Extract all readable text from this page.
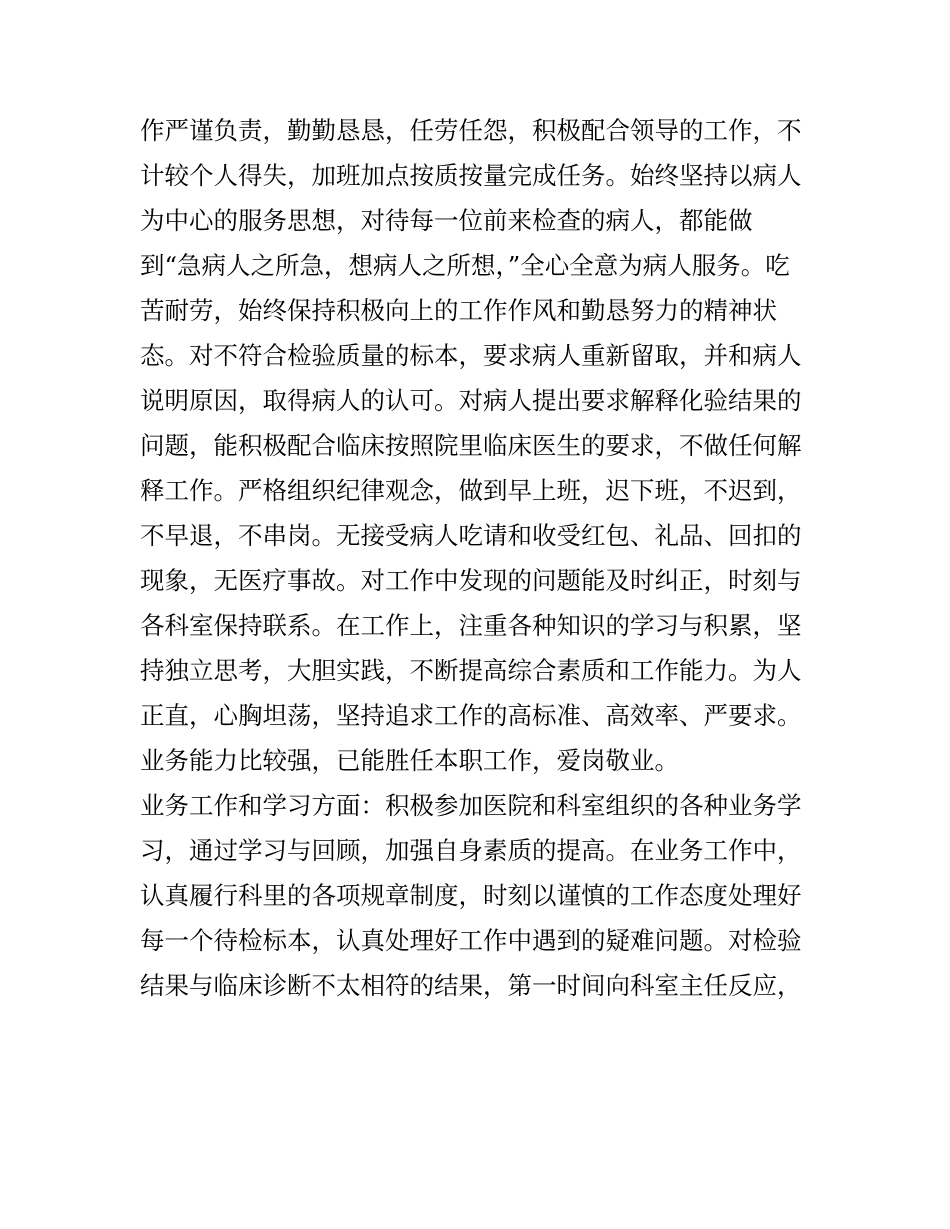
作严谨负责，勤勤恳恳，任劳任怨，积极配合领导的工作，不
计较个人得失，加班加点按质按量完成任务。始终坚持以病人
为中心的服务思想，对待每一位前来检查的病人，都能做
到“急病人之所急，想病人之所想，”全心全意为病人服务。吃
苦耐劳，始终保持积极向上的工作作风和勤恳努力的精神状
态。对不符合检验质量的标本，要求病人重新留取，并和病人
说明原因，取得病人的认可。对病人提出要求解释化验结果的
问题，能积极配合临床按照院里临床医生的要求，不做任何解
释工作。严格组织纪律观念，做到早上班，迟下班，不迟到，
不早退，不串岗。无接受病人吃请和收受红包、礼品、回扣的
现象，无医疗事故。对工作中发现的问题能及时纠正，时刻与
各科室保持联系。在工作上，注重各种知识的学习与积累，坚
持独立思考，大胆实践，不断提高综合素质和工作能力。为人
正直，心胸坦荡，坚持追求工作的高标准、高效率、严要求。
业务能力比较强，已能胜任本职工作，爱岗敬业。
业务工作和学习方面：积极参加医院和科室组织的各种业务学
习，通过学习与回顾，加强自身素质的提高。在业务工作中，
认真履行科里的各项规章制度，时刻以谨慎的工作态度处理好
每一个待检标本，认真处理好工作中遇到的疑难问题。对检验
结果与临床诊断不太相符的结果，第一时间向科室主任反应，
